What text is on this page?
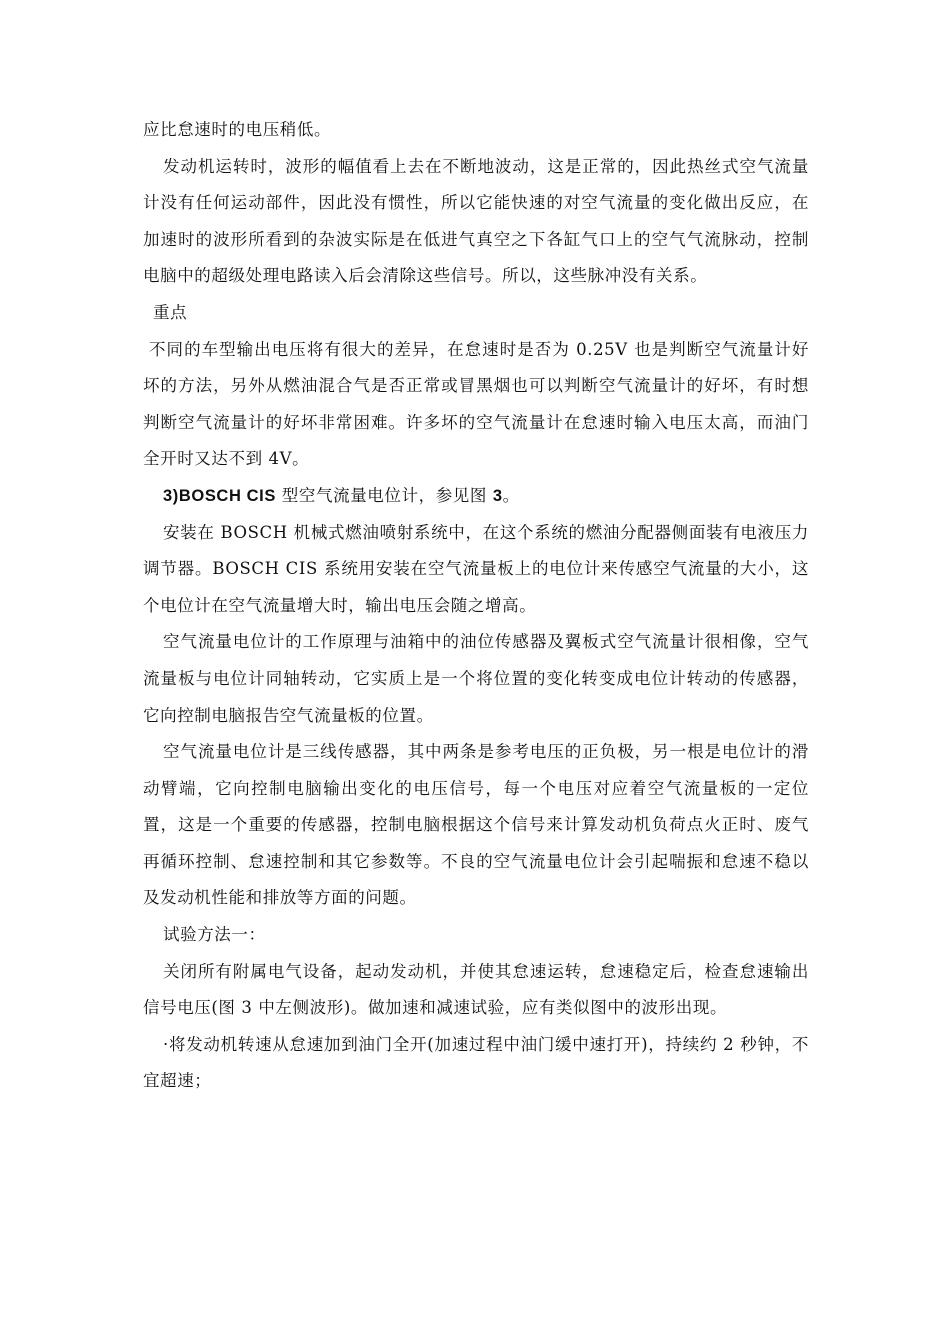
应比怠速时的电压稍低。

发动机运转时，波形的幅值看上去在不断地波动，这是正常的，因此热丝式空气流量计没有任何运动部件，因此没有惯性，所以它能快速的对空气流量的变化做出反应，在加速时的波形所看到的杂波实际是在低进气真空之下各缸气口上的空气气流脉动，控制电脑中的超级处理电路读入后会清除这些信号。所以，这些脉冲没有关系。

重点

不同的车型输出电压将有很大的差异，在怠速时是否为 0.25V 也是判断空气流量计好坏的方法，另外从燃油混合气是否正常或冒黑烟也可以判断空气流量计的好坏，有时想判断空气流量计的好坏非常困难。许多坏的空气流量计在怠速时输入电压太高，而油门全开时又达不到 4V。

3)BOSCH CIS 型空气流量电位计，参见图 3。

安装在 BOSCH 机械式燃油喷射系统中，在这个系统的燃油分配器侧面装有电液压力调节器。BOSCH CIS 系统用安装在空气流量板上的电位计来传感空气流量的大小，这个电位计在空气流量增大时，输出电压会随之增高。

空气流量电位计的工作原理与油箱中的油位传感器及翼板式空气流量计很相像，空气流量板与电位计同轴转动，它实质上是一个将位置的变化转变成电位计转动的传感器，它向控制电脑报告空气流量板的位置。

空气流量电位计是三线传感器，其中两条是参考电压的正负极，另一根是电位计的滑动臂端，它向控制电脑输出变化的电压信号，每一个电压对应着空气流量板的一定位置，这是一个重要的传感器，控制电脑根据这个信号来计算发动机负荷点火正时、废气再循环控制、怠速控制和其它参数等。不良的空气流量电位计会引起喘振和怠速不稳以及发动机性能和排放等方面的问题。

试验方法一：

关闭所有附属电气设备，起动发动机，并使其怠速运转，怠速稳定后，检查怠速输出信号电压(图 3 中左侧波形)。做加速和减速试验，应有类似图中的波形出现。

·将发动机转速从怠速加到油门全开(加速过程中油门缓中速打开)，持续约 2 秒钟，不宜超速；
